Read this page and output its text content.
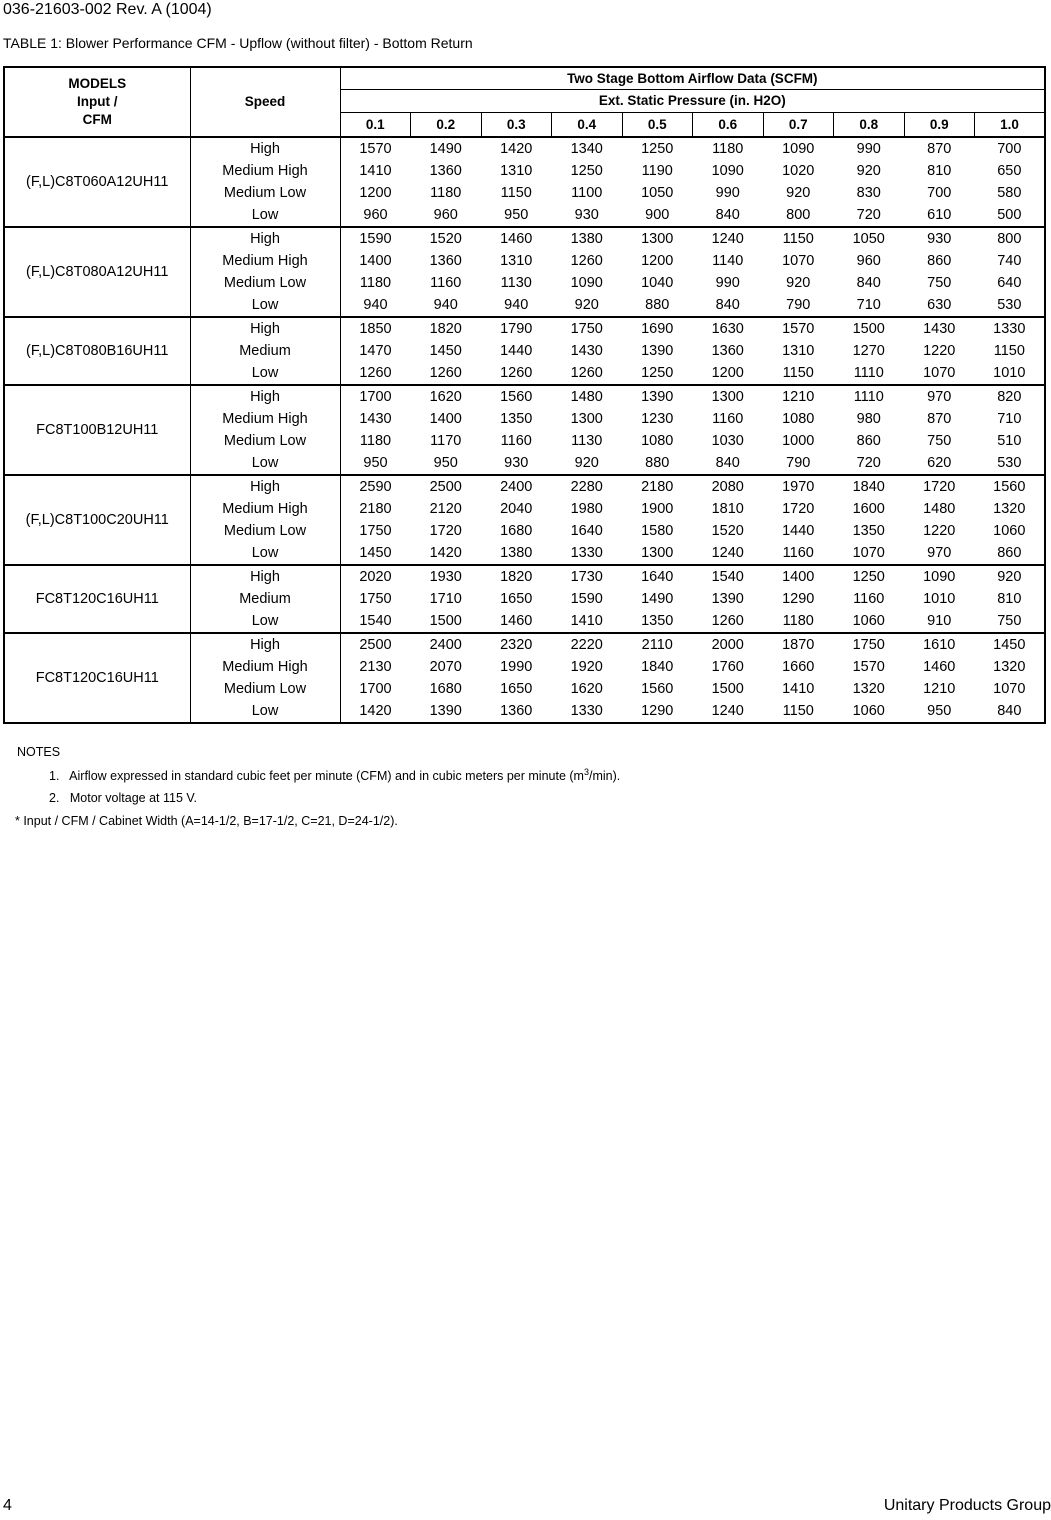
036-21603-002 Rev. A (1004)
TABLE 1: Blower Performance CFM - Upflow (without filter) - Bottom Return
MODELS
Input /
CFM	Speed	Two Stage Bottom Airflow Data (SCFM)									
		Ext. Static Pressure (in. H2O)									
		0.1	0.2	0.3	0.4	0.5	0.6	0.7	0.8	0.9	1.0
(F,L)C8T060A12UH11	High	1570	1490	1420	1340	1250	1180	1090	990	870	700
	Medium High	1410	1360	1310	1250	1190	1090	1020	920	810	650
	Medium Low	1200	1180	1150	1100	1050	990	920	830	700	580
	Low	960	960	950	930	900	840	800	720	610	500
(F,L)C8T080A12UH11	High	1590	1520	1460	1380	1300	1240	1150	1050	930	800
	Medium High	1400	1360	1310	1260	1200	1140	1070	960	860	740
	Medium Low	1180	1160	1130	1090	1040	990	920	840	750	640
	Low	940	940	940	920	880	840	790	710	630	530
(F,L)C8T080B16UH11	High	1850	1820	1790	1750	1690	1630	1570	1500	1430	1330
	Medium	1470	1450	1440	1430	1390	1360	1310	1270	1220	1150
	Low	1260	1260	1260	1260	1250	1200	1150	1110	1070	1010
FC8T100B12UH11	High	1700	1620	1560	1480	1390	1300	1210	1110	970	820
	Medium High	1430	1400	1350	1300	1230	1160	1080	980	870	710
	Medium Low	1180	1170	1160	1130	1080	1030	1000	860	750	510
	Low	950	950	930	920	880	840	790	720	620	530
(F,L)C8T100C20UH11	High	2590	2500	2400	2280	2180	2080	1970	1840	1720	1560
	Medium High	2180	2120	2040	1980	1900	1810	1720	1600	1480	1320
	Medium Low	1750	1720	1680	1640	1580	1520	1440	1350	1220	1060
	Low	1450	1420	1380	1330	1300	1240	1160	1070	970	860
FC8T120C16UH11	High	2020	1930	1820	1730	1640	1540	1400	1250	1090	920
	Medium	1750	1710	1650	1590	1490	1390	1290	1160	1010	810
	Low	1540	1500	1460	1410	1350	1260	1180	1060	910	750
FC8T120C16UH11	High	2500	2400	2320	2220	2110	2000	1870	1750	1610	1450
	Medium High	2130	2070	1990	1920	1840	1760	1660	1570	1460	1320
	Medium Low	1700	1680	1650	1620	1560	1500	1410	1320	1210	1070
	Low	1420	1390	1360	1330	1290	1240	1150	1060	950	840
NOTES
1. Airflow expressed in standard cubic feet per minute (CFM) and in cubic meters per minute $(m^3/\min)$.
2. Motor voltage at 115 V.
* Input / CFM / Cabinet Width (A=14-1/2, B=17-1/2, C=21, D=24-1/2).
4	Unitary Products Group
